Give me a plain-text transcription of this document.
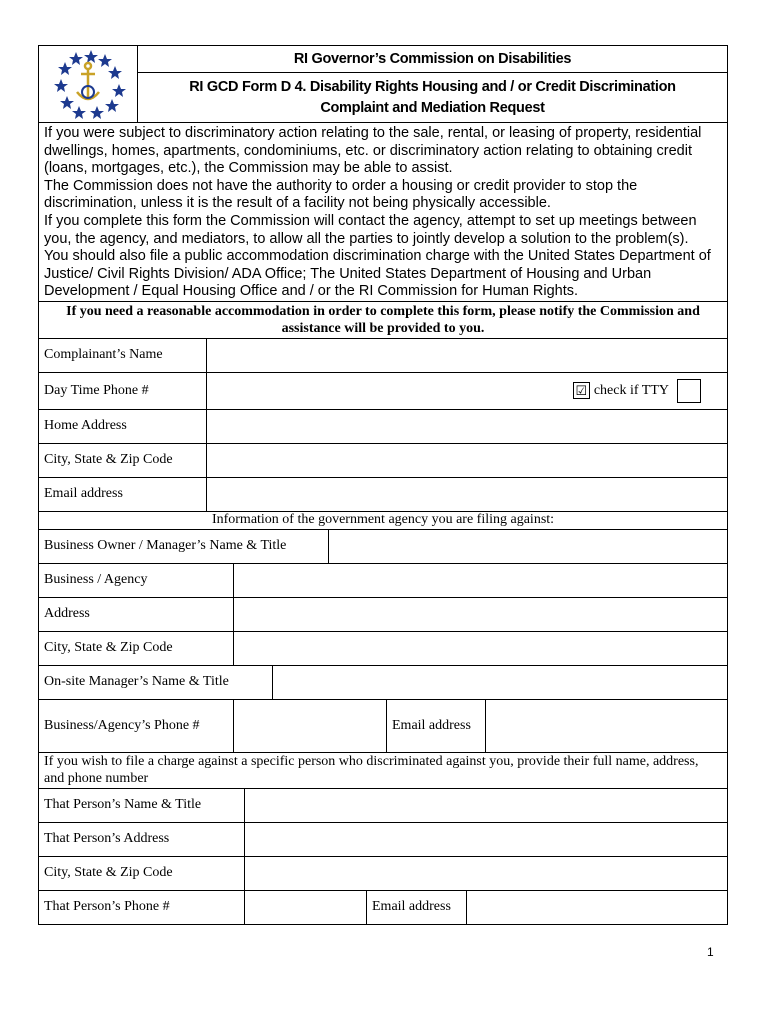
RI Governor’s Commission on Disabilities
RI GCD Form D 4. Disability Rights Housing and / or Credit Discrimination
Complaint and Mediation Request

If you were subject to discriminatory action relating to the sale, rental, or leasing of property, residential dwellings, homes, apartments, condominiums, etc. or discriminatory action relating to obtaining credit (loans, mortgages, etc.), the Commission may be able to assist.

The Commission does not have the authority to order a housing or credit provider to stop the discrimination, unless it is the result of a facility not being physically accessible.

If you complete this form the Commission will contact the agency, attempt to set up meetings between you, the agency, and mediators, to allow all the parties to jointly develop a solution to the problem(s).

You should also file a public accommodation discrimination charge with the United States Department of Justice/ Civil Rights Division/ ADA Office; The United States Department of Housing and Urban Development / Equal Housing Office and / or the RI Commission for Human Rights.

If you need a reasonable accommodation in order to complete this form, please notify the Commission and assistance will be provided to you.
Complainant’s Name
Day Time Phone #	☑ check if TTY
Home Address
City, State & Zip Code
Email address
Information of the government agency you are filing against:
Business Owner / Manager’s Name & Title
Business / Agency
Address
City, State & Zip Code
On-site Manager’s Name & Title
Business/Agency’s Phone #	Email address
If you wish to file a charge against a specific person who discriminated against you, provide their full name, address, and phone number
That Person’s Name & Title
That Person’s Address
City, State & Zip Code
That Person’s Phone #	Email address
1
